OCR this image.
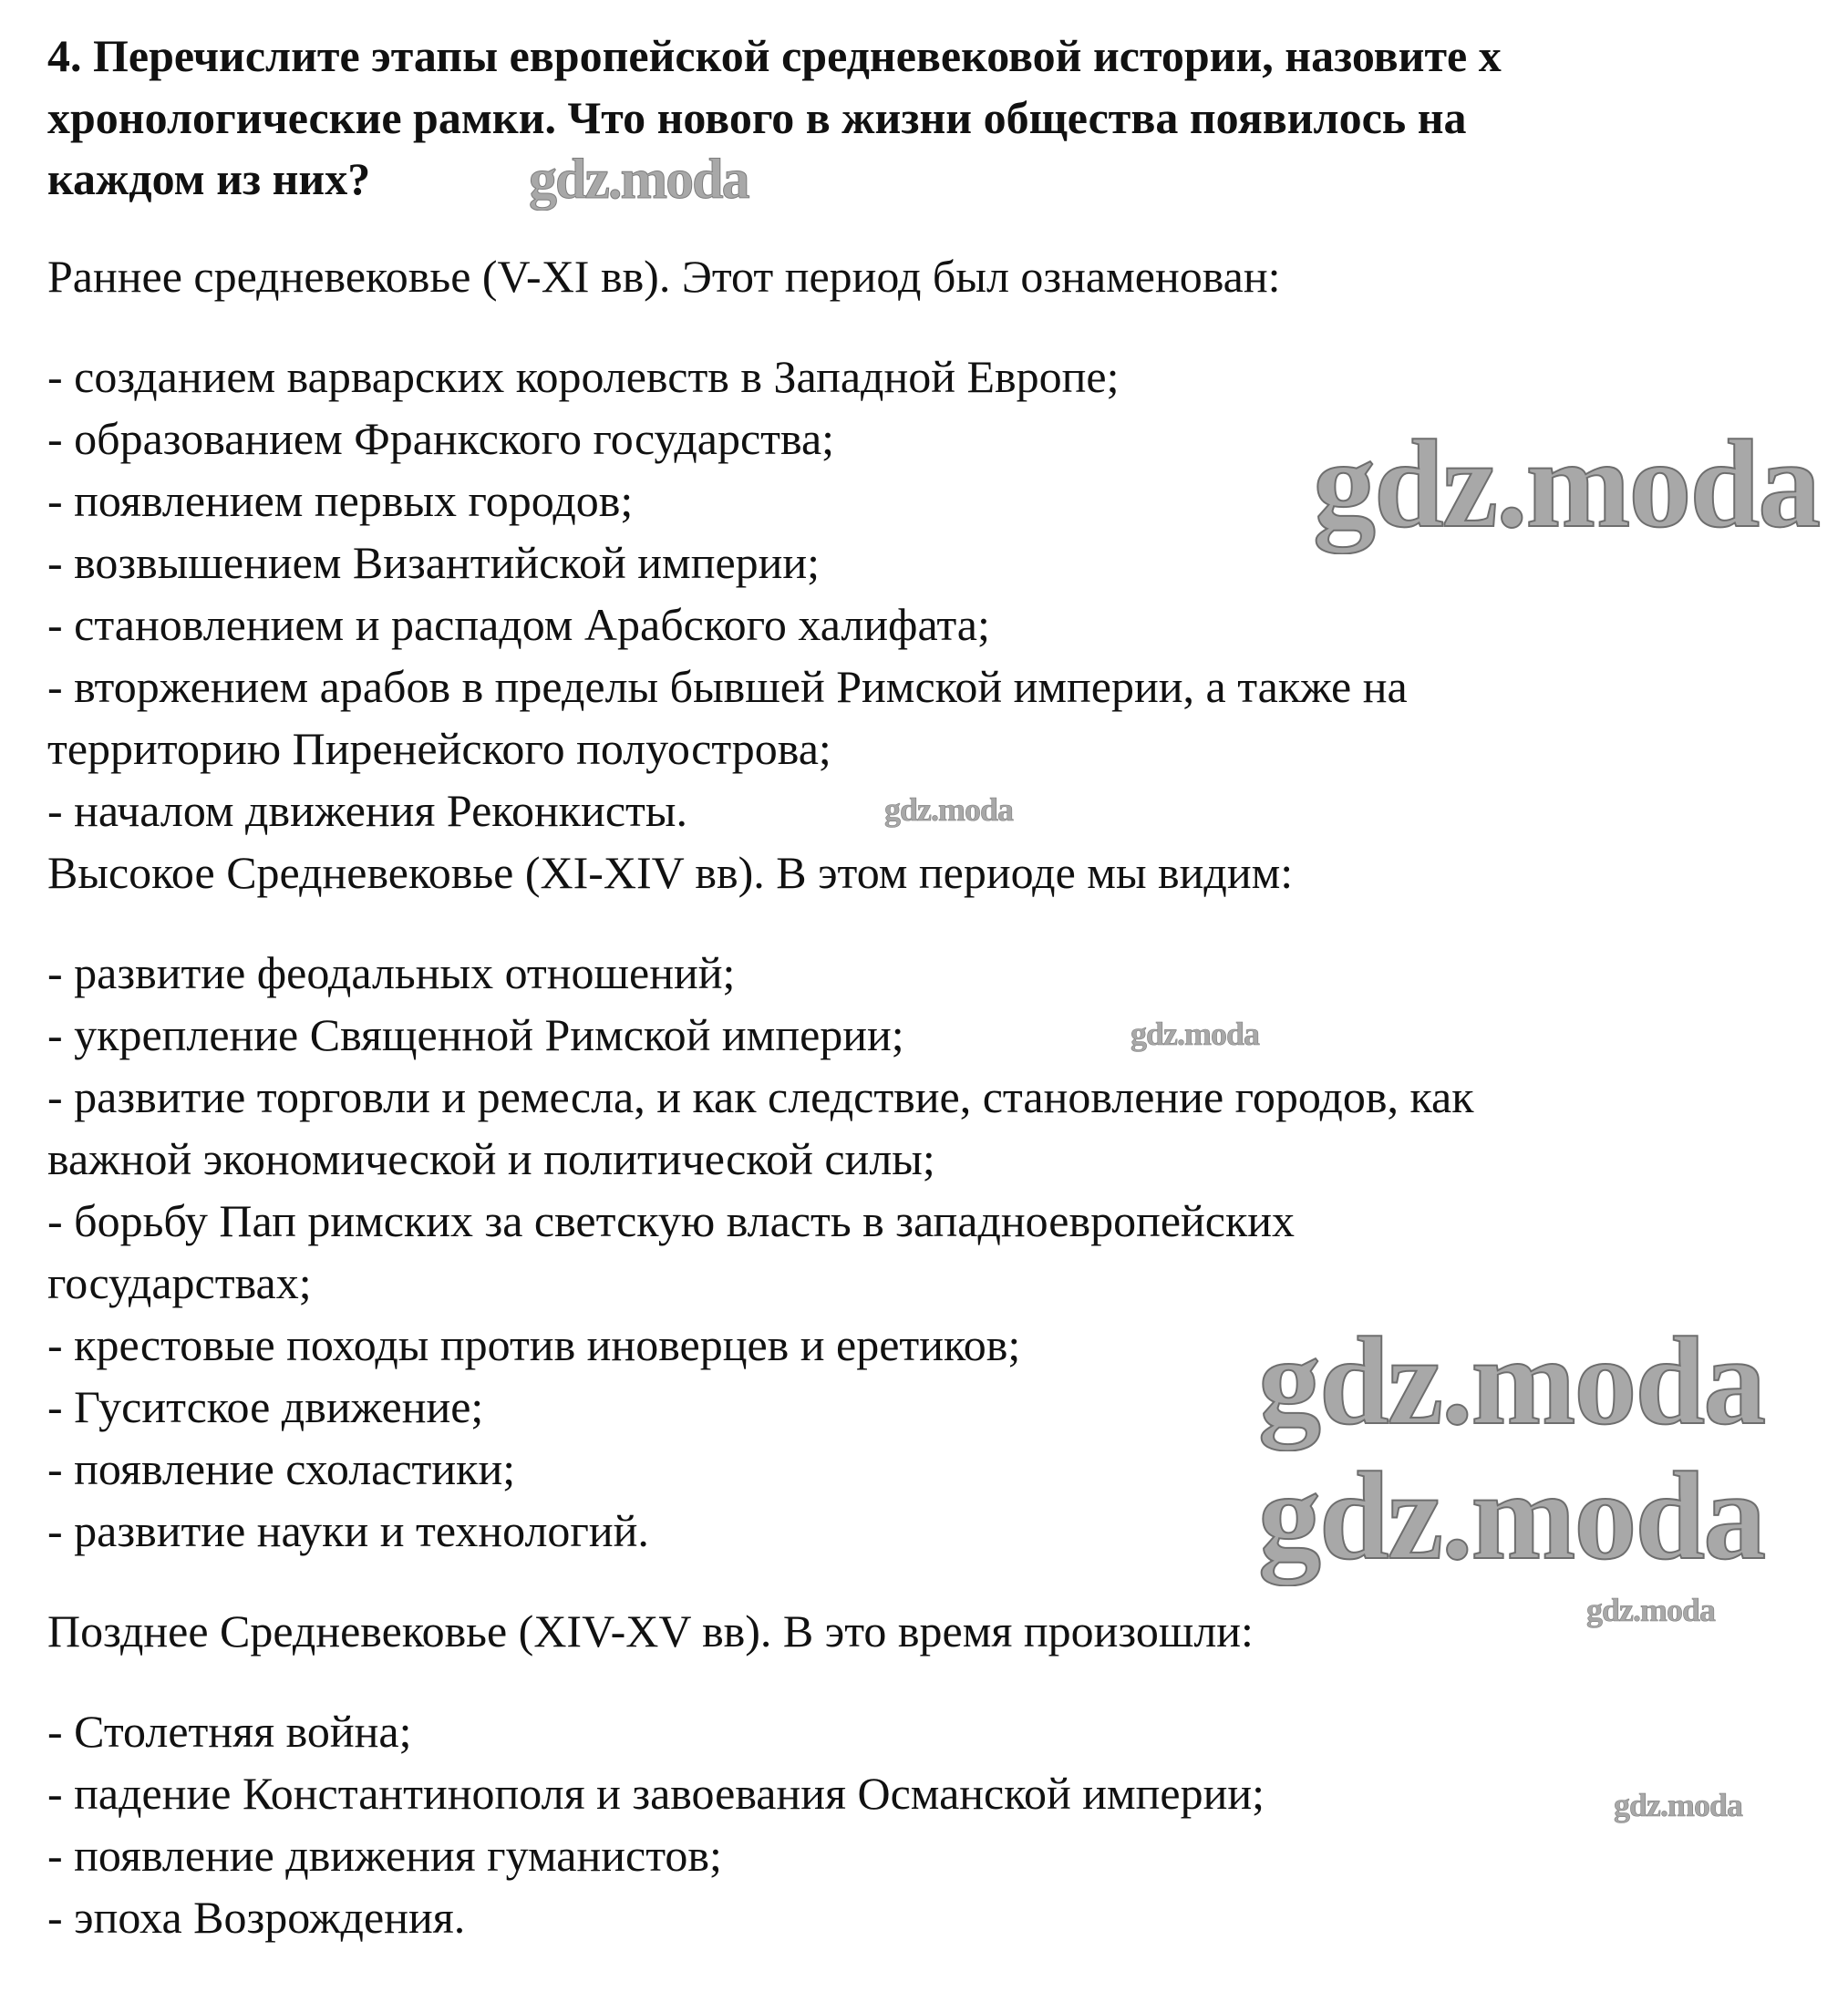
4. Перечислите этапы европейской средневековой истории, назовите х
хронологические рамки. Что нового в жизни общества появилось на
каждом из них?
Раннее средневековье (V-XI вв). Этот период был ознаменован:
- созданием варварских королевств в Западной Европе;
- образованием Франкского государства;
- появлением первых городов;
- возвышением Византийской империи;
- становлением и распадом Арабского халифата;
- вторжением арабов в пределы бывшей Римской империи, а также на
территорию Пиренейского полуострова;
- началом движения Реконкисты.
Высокое Средневековье (XI-XIV вв). В этом периоде мы видим:
- развитие феодальных отношений;
- укрепление Священной Римской империи;
- развитие торговли и ремесла, и как следствие, становление городов, как
важной экономической и политической силы;
- борьбу Пап римских за светскую власть в западноевропейских
государствах;
- крестовые походы против иноверцев и еретиков;
- Гуситское движение;
- появление схоластики;
- развитие науки и технологий.
Позднее Средневековье (XIV-XV вв). В это время произошли:
- Столетняя война;
- падение Константинополя и завоевания Османской империи;
- появление движения гуманистов;
- эпоха Возрождения.
gdz.moda
gdz.moda
gdz.moda
gdz.moda
gdz.moda
gdz.moda
gdz.moda
gdz.moda
